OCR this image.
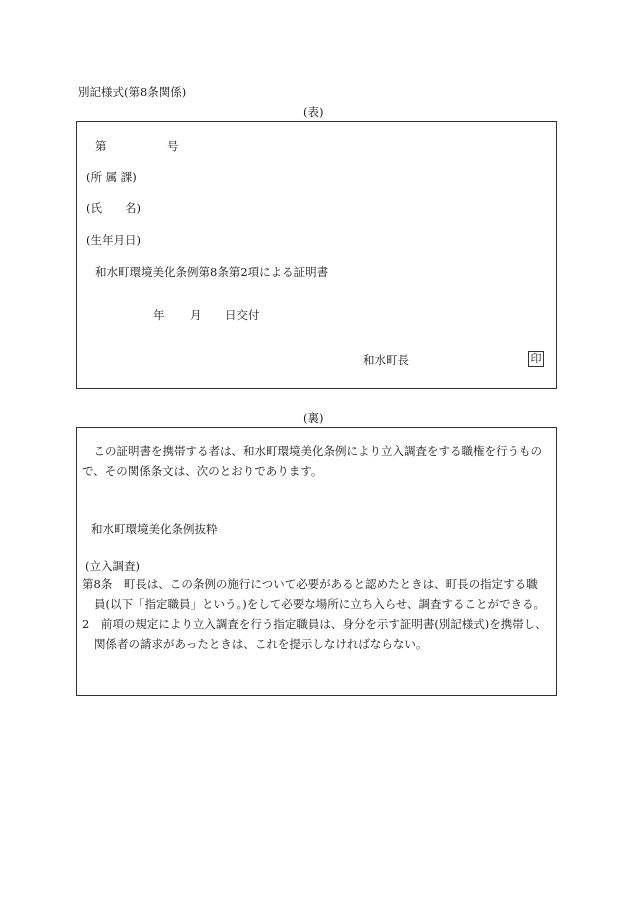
別記様式(第8条関係)
(表)
第	号
(所 属 課)
(氏　　名)
(生年月日)
和水町環境美化条例第8条第2項による証明書
年 月 日交付
和水町長	印
(裏)
　この証明書を携帯する者は、和水町環境美化条例により立入調査をする職権を行うもの
で、その関係条文は、次のとおりであります。
和水町環境美化条例抜粋
(立入調査)
第8条　町長は、この条例の施行について必要があると認めたときは、町長の指定する職
員(以下「指定職員」という。)をして必要な場所に立ち入らせ、調査することができる。
2　前項の規定により立入調査を行う指定職員は、身分を示す証明書(別記様式)を携帯し、
関係者の請求があったときは、これを提示しなければならない。
